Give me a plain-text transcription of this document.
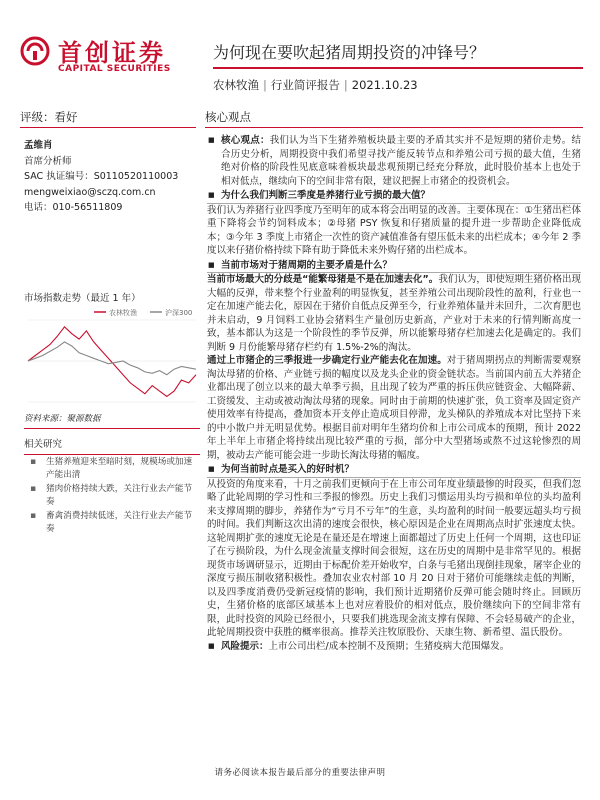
首创证券
CAPITAL SECURITIES
为何现在要吹起猪周期投资的冲锋号？
农林牧渔 | 行业简评报告 | 2021.10.23
评级：看好	核心观点
孟维肖
首席分析师
SAC 执证编号：S0110520110003
mengweixiao@sczq.com.cn
电话：010-56511809
市场指数走势（最近 1 年）
农林牧渔	沪深300
资料来源：聚源数据
相关研究
▪ 生猪养殖迎来至暗时刻，规模场或加速产能出清
▪ 猪肉价格持续大跌，关注行业去产能节奏
▪ 畜禽消费持续低迷，关注行业去产能节奏

■ 核心观点：我们认为当下生猪养殖板块最主要的矛盾其实并不是短期的猪价走势。结合历史分析，周期投资中我们希望寻找产能反转节点和养殖公司亏损的最大值，生猪绝对价格的阶段性见底意味着板块最悲观预期已经充分释放，此时股价基本上也处于相对低点，继续向下的空间非常有限，建议把握上市猪企的投资机会。

■ 为什么我们判断三季度是养猪行业亏损的最大值？

我们认为养猪行业四季度乃至明年的成本将会出明显的改善。主要体现在：①生猪出栏体重下降将会节约饲料成本；②母猪 PSY 恢复和仔猪质量的提升进一步帮助企业降低成本；③今年 3 季度上市猪企一次性的资产减值准备有望压低未来的出栏成本；④今年 2 季度以来仔猪价格持续下降有助于降低未来外购仔猪的出栏成本。

■ 当前市场对于猪周期的主要矛盾是什么？

当前市场最大的分歧是“能繁母猪是不是在加速去化”。我们认为，即使短期生猪价格出现大幅的反弹，带来整个行业盈利的明显恢复，甚至养殖公司出现阶段性的盈利，行业也一定在加速产能去化，原因在于猪价自低点反弹至今，行业养殖体量并未回升，二次育肥也并未启动，9 月饲料工业协会猪料生产量创历史新高，产业对于未来的行情判断高度一致，基本都认为这是一个阶段性的季节反弹，所以能繁母猪存栏加速去化是确定的。我们判断 9 月份能繁母猪存栏约有 1.5%-2%的淘汰。

通过上市猪企的三季报进一步确定行业产能去化在加速。对于猪周期拐点的判断需要观察淘汰母猪的价格、产业链亏损的幅度以及龙头企业的资金链状态。当前国内前五大养猪企业都出现了创立以来的最大单季亏损，且出现了较为严重的拆压供应链资金、大幅降薪、工资缓发、主动或被动淘汰母猪的现象。同时由于前期的快速扩张，负工资率及固定资产使用效率有待提高，叠加资本开支停止造成项目停滞，龙头梯队的养殖成本对比坚持下来的中小散户并无明显优势。根据目前对明年生猪均价和上市公司成本的预期，预计 2022 年上半年上市猪企将持续出现比较严重的亏损，部分中大型猪场或熬不过这轮惨烈的周期，被动去产能可能会进一步助长淘汰母猪的幅度。

■ 为何当前时点是买入的好时机？

从投资的角度来看，十月之前我们更倾向于在上市公司年度业绩最惨的时段买，但我们忽略了此轮周期的学习性和三季报的惨烈。历史上我们习惯运用头均亏损和单位的头均盈利来支撑周期的脚步，养猪作为“亏月不亏年”的生意，头均盈利的时间一般要远超头均亏损的时间。我们判断这次出清的速度会很快，核心原因是企业在周期高点时扩张速度太快。这轮周期扩张的速度无论是在量还是在增速上面都超过了历史上任何一个周期，这也印证了在亏损阶段，为什么现金流量支撑时间会很短，这在历史的周期中是非常罕见的。根据现货市场调研显示，近期由于标配价差开始收窄，白条与毛猪出现倒挂现象，屠宰企业的深度亏损压制收猪积极性。叠加农业农村部 10 月 20 日对于猪价可能继续走低的判断，以及四季度消费仍受新冠疫情的影响，我们预计近期猪价反弹可能会随时终止。回顾历史，生猪价格的底部区域基本上也对应着股价的相对低点，股价继续向下的空间非常有限，此时投资的风险已经很小，只要我们挑选现金流支撑有保障、不会轻易破产的企业，此轮周期投资中获胜的概率很高。推荐关注牧原股份、天康生物、新希望、温氏股份。

■ 风险提示：上市公司出栏/成本控制不及预期；生猪疫病大范围爆发。

请务必阅读本报告最后部分的重要法律声明
